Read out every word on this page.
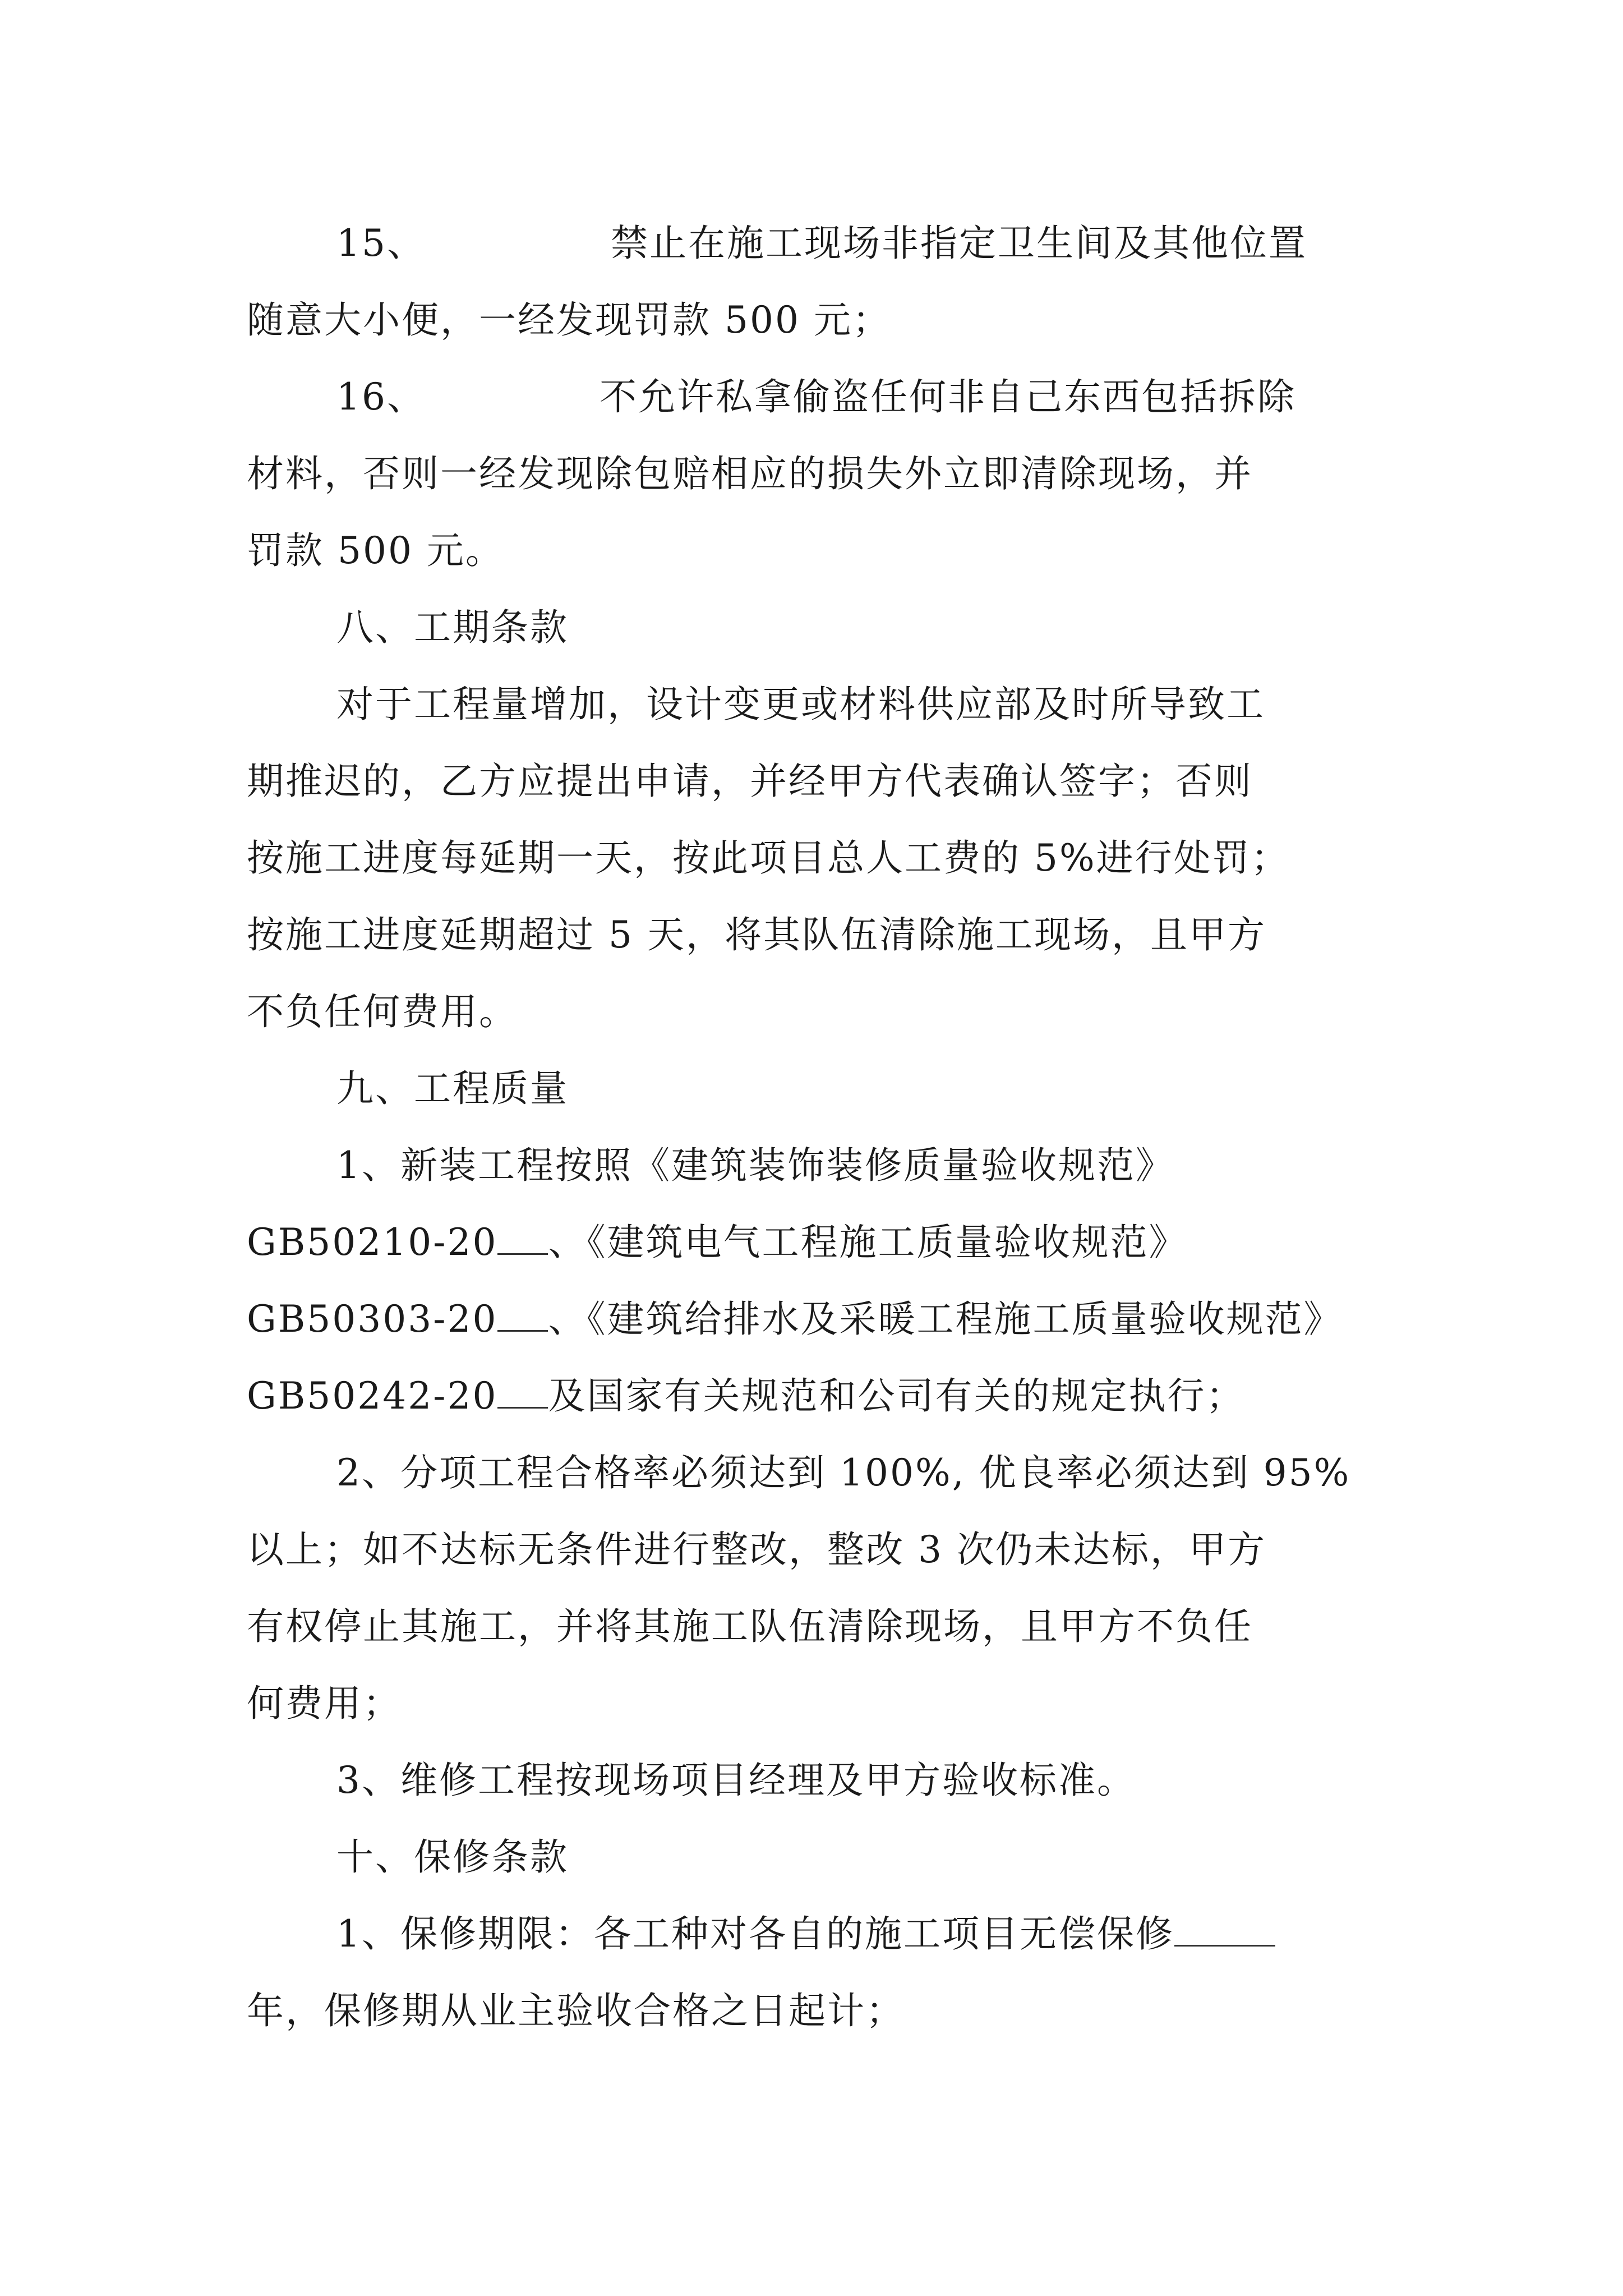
15、	禁止在施工现场非指定卫生间及其他位置
随意大小便，一经发现罚款 500 元；
16、	不允许私拿偷盗任何非自己东西包括拆除
材料，否则一经发现除包赔相应的损失外立即清除现场，并
罚款 500 元。
八、工期条款
对于工程量增加，设计变更或材料供应部及时所导致工
期推迟的，乙方应提出申请，并经甲方代表确认签字；否则
按施工进度每延期一天，按此项目总人工费的 5%进行处罚；
按施工进度延期超过 5 天，将其队伍清除施工现场，且甲方
不负任何费用。
九、工程质量
1、新装工程按照《建筑装饰装修质量验收规范》
GB50210-20 、《建筑电气工程施工质量验收规范》
GB50303-20 、《建筑给排水及采暖工程施工质量验收规范》
GB50242-20 及国家有关规范和公司有关的规定执行；
2、分项工程合格率必须达到 100%, 优良率必须达到 95%
以上；如不达标无条件进行整改，整改 3 次仍未达标，甲方
有权停止其施工，并将其施工队伍清除现场，且甲方不负任
何费用；
3、维修工程按现场项目经理及甲方验收标准。
十、保修条款
1、保修期限：各工种对各自的施工项目无偿保修
年，保修期从业主验收合格之日起计；
